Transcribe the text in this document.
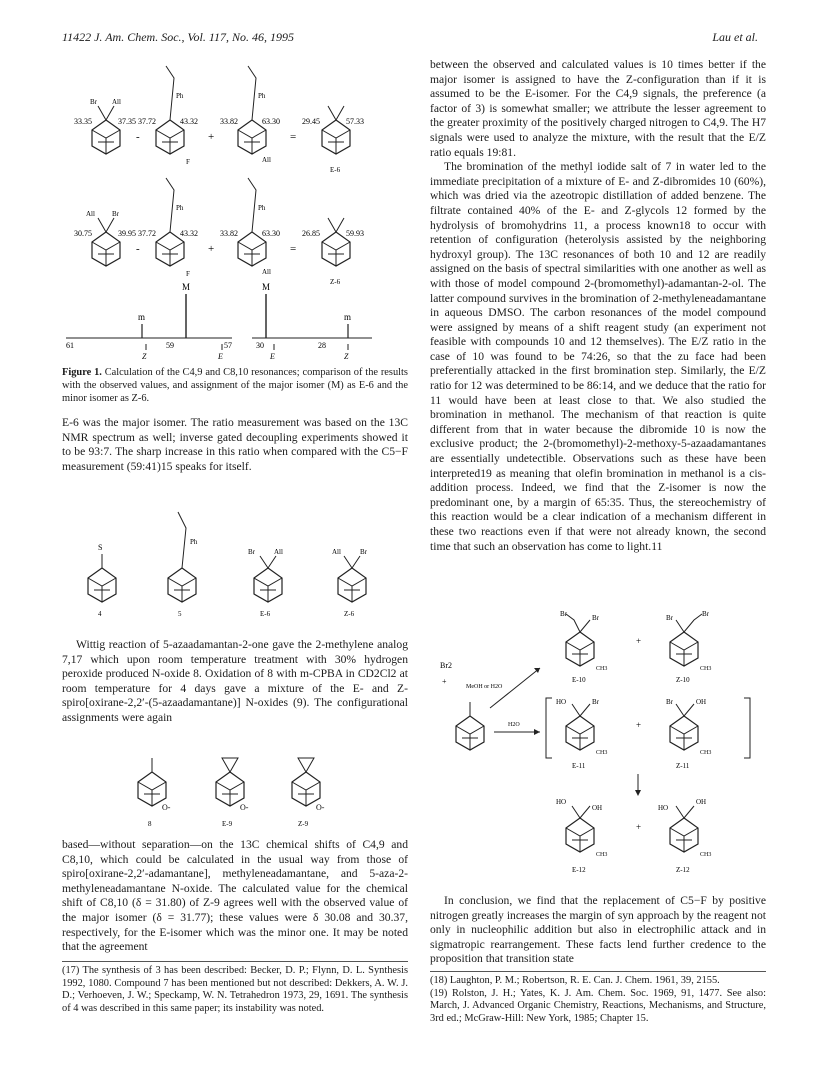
11422 J. Am. Chem. Soc., Vol. 117, No. 46, 1995	Lau et al.
Br All
Ph	Ph
F	All
33.35	37.35 37.72	43.32	33.82	63.30	29.45	57.33
-	+	=
E-6
All Br
Ph	Ph
F	All
30.75	39.95 37.72	43.32	33.82	63.30	26.85	59.93
-	+	=
Z-6
M	M
m	m
61	59	57	30	28
Z	E	E	Z

Figure 1. Calculation of the C4,9 and C8,10 resonances; comparison of the results with the observed values, and assignment of the major isomer (M) as E-6 and the minor isomer as Z-6.

E-6 was the major isomer. The ratio measurement was based on the 13C NMR spectrum as well; inverse gated decoupling experiments showed it to be 93:7. The sharp increase in this ratio when compared with the C5−F measurement (59:41)15 speaks for itself.

S
Ph
Br	All	All	Br
4	5	E-6	Z-6

Wittig reaction of 5-azaadamantan-2-one gave the 2-methylene analog 7,17 which upon room temperature treatment with 30% hydrogen peroxide produced N-oxide 8. Oxidation of 8 with m-CPBA in CD2Cl2 at room temperature for 4 days gave a mixture of the E- and Z-spiro[oxirane-2,2′-(5-azaadamantane)] N-oxides (9). The configurational assignments were again

O-	O-	O-
8	E-9	Z-9

based—without separation—on the 13C chemical shifts of C4,9 and C8,10, which could be calculated in the usual way from those of spiro[oxirane-2,2′-adamantane], methyleneadamantane, and 5-aza-2-methyleneadamantane N-oxide. The calculated value for the chemical shift of C8,10 (δ = 31.80) of Z-9 agrees well with the observed value of the major isomer (δ = 31.77); these values were δ 30.08 and 30.37, respectively, for the E-isomer which was the minor one. It may be noted that the agreement

(17) The synthesis of 3 has been described: Becker, D. P.; Flynn, D. L. Synthesis 1992, 1080. Compound 7 has been mentioned but not described: Dekkers, A. W. J. D.; Verhoeven, J. W.; Speckamp, W. N. Tetrahedron 1973, 29, 1691. The synthesis of 4 was described in this same paper; its instability was noted.

between the observed and calculated values is 10 times better if the major isomer is assigned to have the Z-configuration than if it is assumed to be the E-isomer. For the C4,9 signals, the preference (a factor of 3) is somewhat smaller; we attribute the lesser agreement to the greater proximity of the positively charged nitrogen to C4,9. The H7 signals were used to analyze the mixture, with the result that the E/Z ratio equals 19:81.

The bromination of the methyl iodide salt of 7 in water led to the immediate precipitation of a mixture of E- and Z-dibromides 10 (60%), which was dried via the azeotropic distillation of added benzene. The filtrate contained 40% of the E- and Z-glycols 12 formed by the hydrolysis of bromohydrins 11, a process known18 to occur with retention of configuration (heterolysis assisted by the neighboring hydroxyl group). The 13C resonances of both 10 and 12 are readily assigned on the basis of spectral similarities with one another as well as with those of model compound 2-(bromomethyl)-adamantan-2-ol. The latter compound survives in the bromination of 2-methyleneadamantane in aqueous DMSO. The carbon resonances of the model compound were assigned by means of a shift reagent study (an experiment not feasible with compounds 10 and 12 themselves). The E/Z ratio in the case of 10 was found to be 74:26, so that the zu face had been preferentially attacked in the first bromination step. Similarly, the E/Z ratio for 12 was determined to be 86:14, and we deduce that the ratio for 11 would have been at least close to that. We also studied the bromination in methanol. The mechanism of that reaction is quite different from that in water because the dibromide 10 is now the exclusive product; the 2-(bromomethyl)-2-methoxy-5-azaadamantanes are essentially undetectible. Observations such as these have been interpreted19 as meaning that olefin bromination in methanol is a cis-addition process. Indeed, we find that the Z-isomer is now the predominant one, by a margin of 65:35. Thus, the stereochemistry of this reaction would be a clear indication of a mechanism different in these two reactions even if that were not already known, the second time that such an observation has come to light.11

Br2
+
MeOH or H2O
H2O
Br	Br	Br	Br
CH3	CH3
+
E-10	Z-10
HO	Br	Br	OH
CH3	CH3
+
E-11	Z-11
HO
OH	HO
OH
CH3	CH3
+
E-12	Z-12

In conclusion, we find that the replacement of C5−F by positive nitrogen greatly increases the margin of syn approach by the reagent not only in nucleophilic addition but also in electrophilic attack and in sigmatropic rearrangement. These facts lend further credence to the proposition that transition state

(18) Laughton, P. M.; Robertson, R. E. Can. J. Chem. 1961, 39, 2155.

(19) Rolston, J. H.; Yates, K. J. Am. Chem. Soc. 1969, 91, 1477. See also: March, J. Advanced Organic Chemistry, Reactions, Mechanisms, and Structure, 3rd ed.; McGraw-Hill: New York, 1985; Chapter 15.
